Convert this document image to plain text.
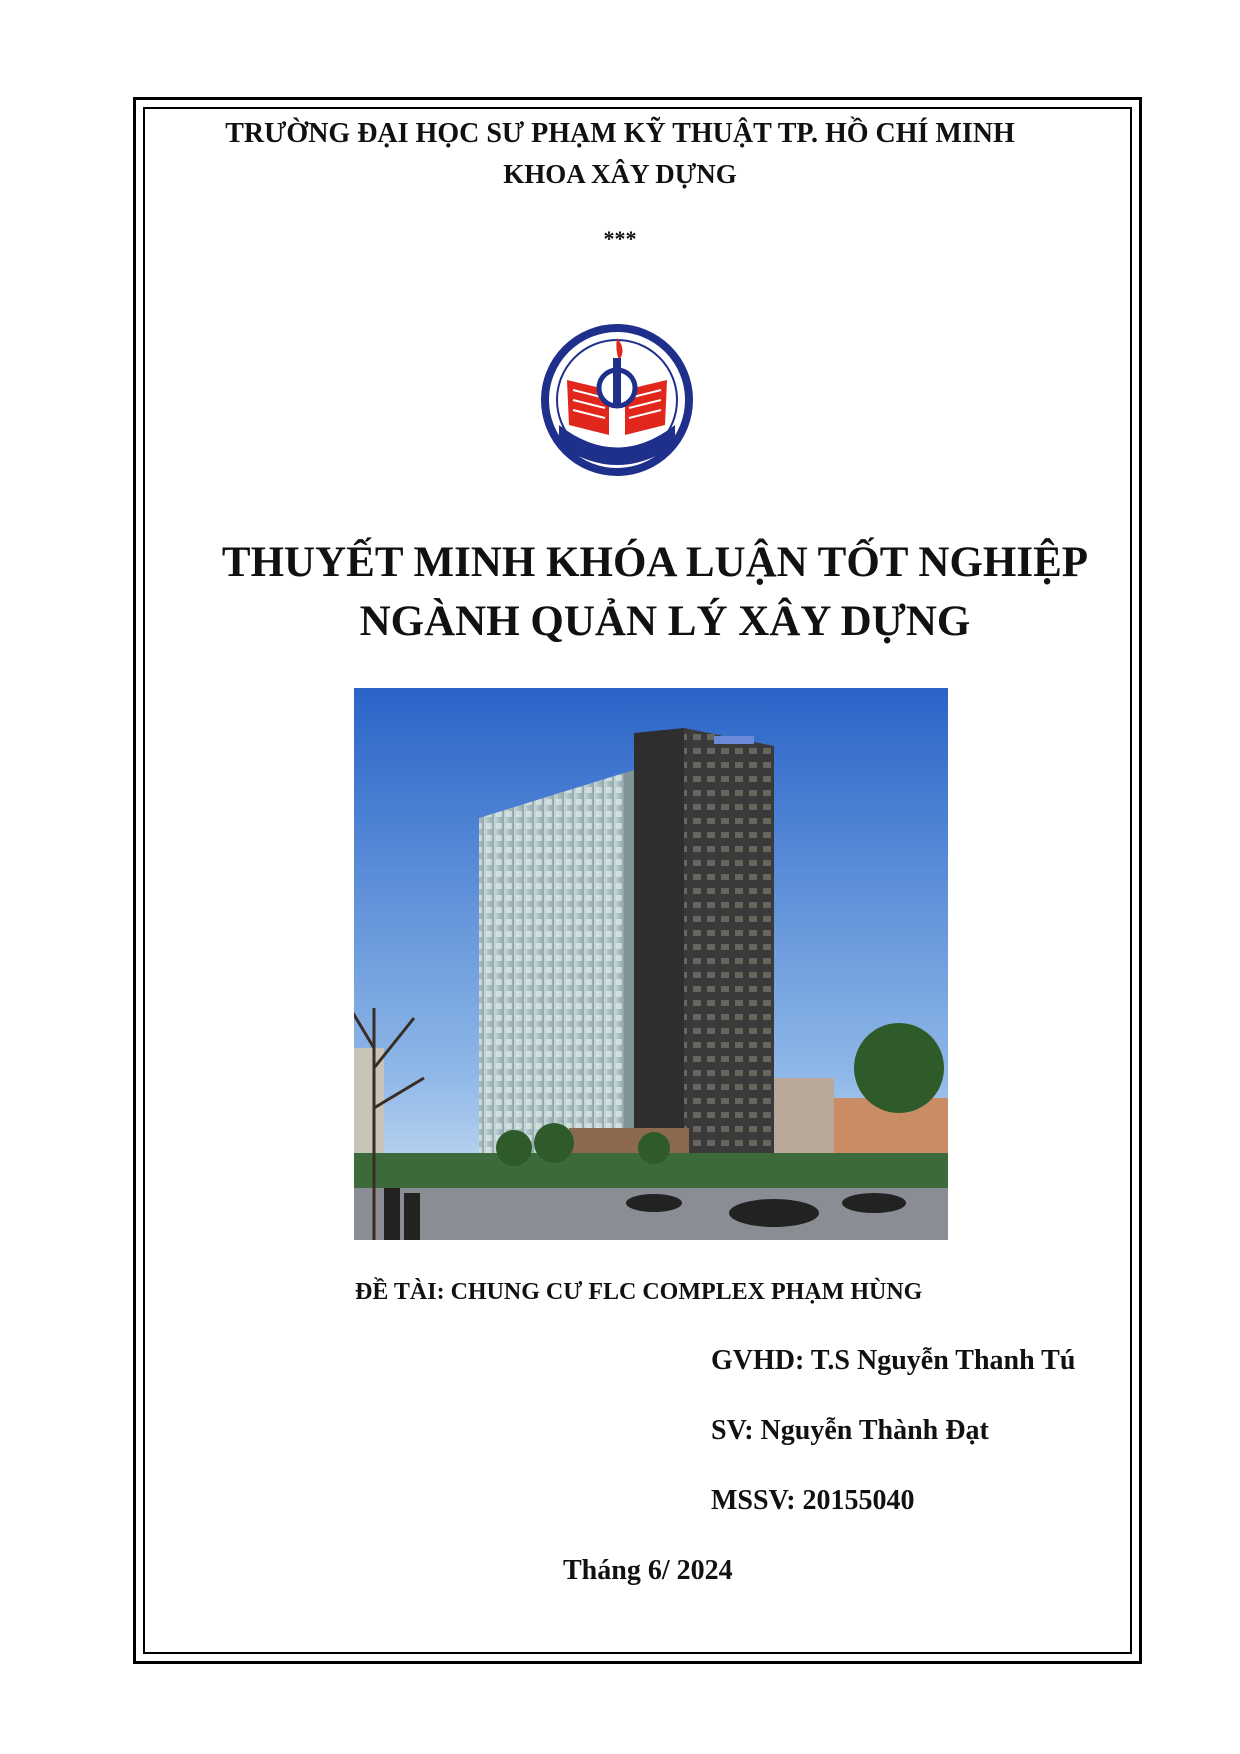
TRƯỜNG ĐẠI HỌC SƯ PHẠM KỸ THUẬT TP. HỒ CHÍ MINH
KHOA XÂY DỰNG
***
THUYẾT MINH KHÓA LUẬN TỐT NGHIỆP
NGÀNH QUẢN LÝ XÂY DỰNG
ĐỀ TÀI: CHUNG CƯ FLC COMPLEX PHẠM HÙNG
GVHD: T.S Nguyễn Thanh Tú
SV: Nguyễn Thành Đạt
MSSV: 20155040
Tháng 6/ 2024
